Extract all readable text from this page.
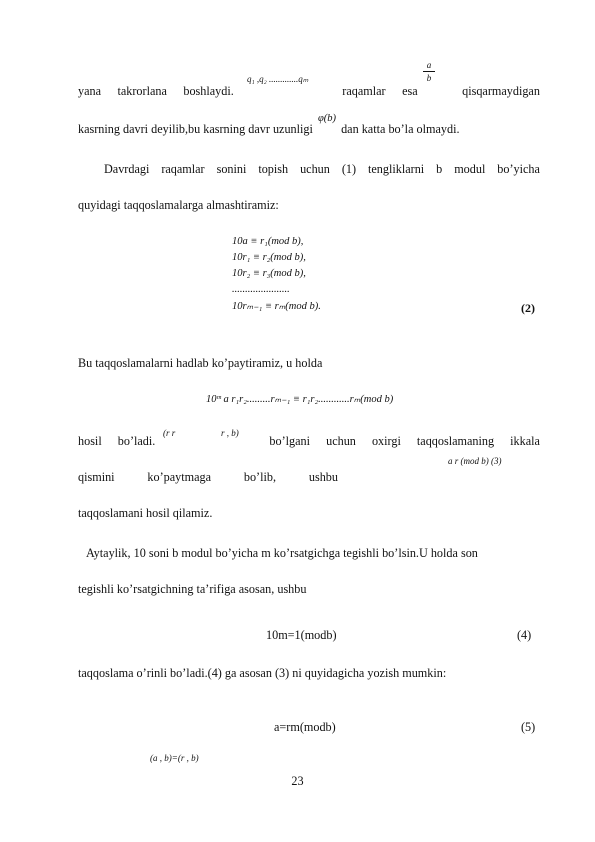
yana takrorlana boshlaydi.	raqamlar esa	qisqarmaydigan
q₁ ,q₂ .............qₘ
a
b
kasrning davri deyilib,bu kasrning davr uzunligi φ(b) dan katta bo’la olmaydi.
Davrdagi raqamlar sonini topish uchun (1) tengliklarni b modul bo’yicha
quyidagi taqqoslamalarga almashtiramiz:
10a ≡ r₁(mod b),
10r₁ ≡ r₂(mod b),
10r₂ ≡ r₃(mod b),
......................
10rₘ₋₁ ≡ rₘ(mod b).	(2)
Bu taqqoslamalarni hadlab ko’paytiramiz, u holda
10ᵐ a r₁r₂.........rₘ₋₁ ≡ r₁r₂............rₘ(mod b)
hosil bo’ladi.	bo’lgani uchun oxirgi taqqoslamaning ikkala
(r r	r , b)
qismini	ko’paytmaga	bo’lib,	ushbu
a r (mod b) (3)
taqqoslamani hosil qilamiz.
Aytaylik, 10 soni b modul bo’yicha m ko’rsatgichga tegishli bo’lsin.U holda son
tegishli ko’rsatgichning ta’rifiga asosan, ushbu
10m=1(modb)	(4)
taqqoslama o’rinli bo’ladi.(4) ga asosan (3) ni quyidagicha yozish mumkin:
a=rm(modb)	(5)
(a , b)=(r , b)
23
